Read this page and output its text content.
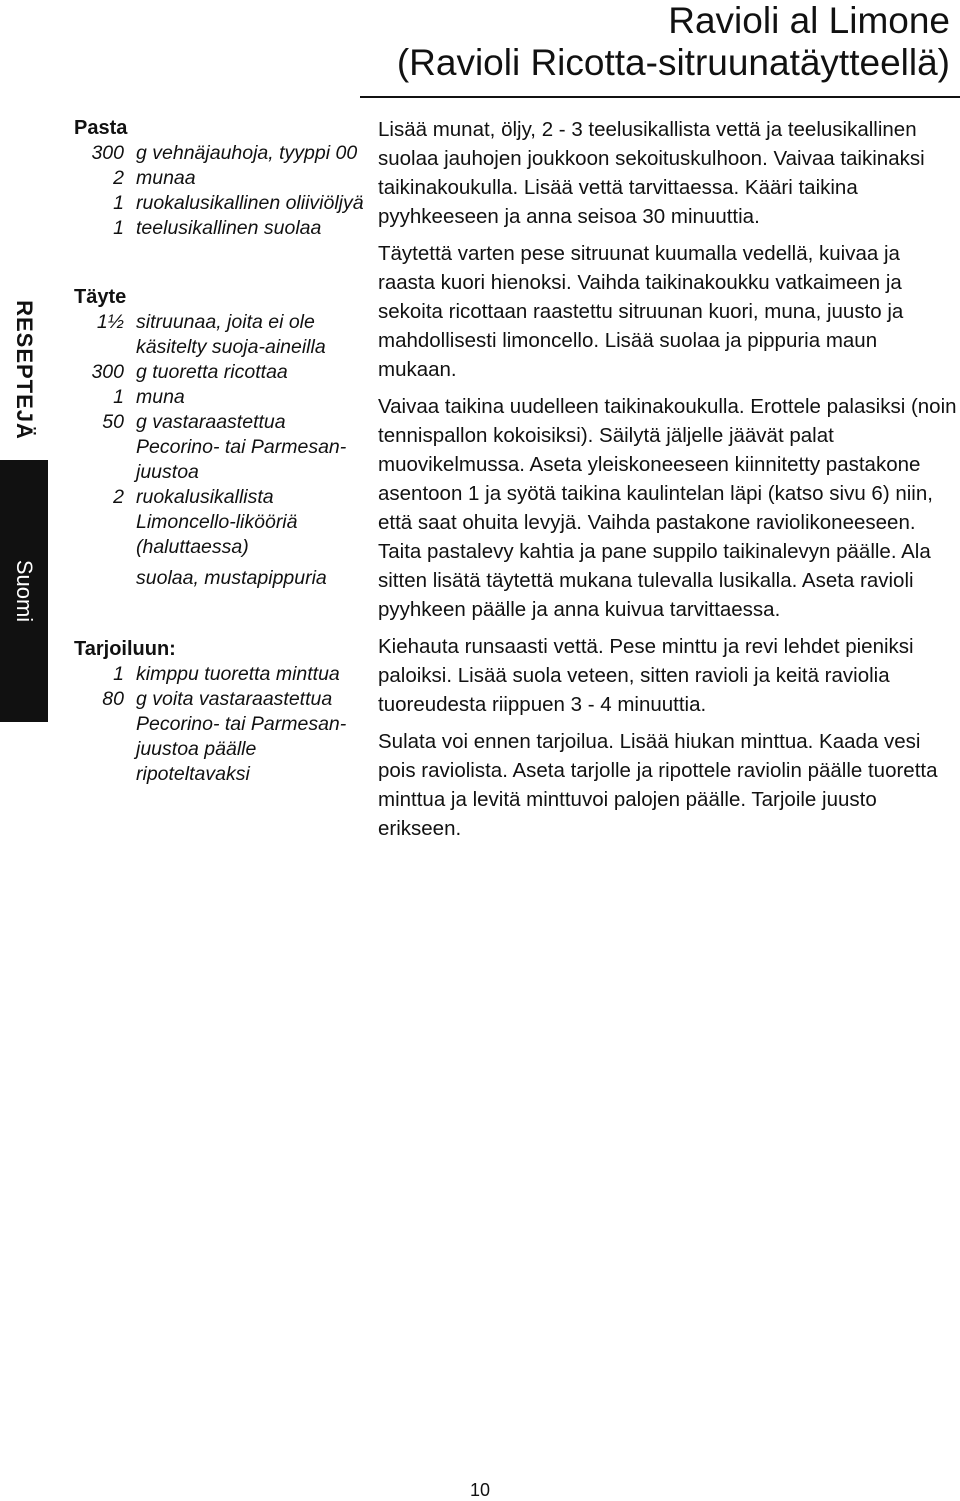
Ravioli al Limone
(Ravioli Ricotta-sitruunatäytteellä)
RESEPTEJÄ
Suomi
Pasta
300 g vehnäjauhoja, tyyppi 00
2 munaa
1 ruokalusikallinen oliiviöljyä
1 teelusikallinen suolaa
Täyte
1½ sitruunaa, joita ei ole käsitelty suoja-aineilla
300 g tuoretta ricottaa
1 muna
50 g vastaraastettua Pecorino- tai Parmesan-juustoa
2 ruokalusikallista Limoncello-likööriä (haluttaessa)
suolaa, mustapippuria
Tarjoiluun:
1 kimppu tuoretta minttua
80 g voita vastaraastettua Pecorino- tai Parmesan-juustoa päälle ripoteltavaksi

Lisää munat, öljy, 2 - 3 teelusikallista vettä ja teelusikallinen suolaa jauhojen joukkoon sekoituskulhoon. Vaivaa taikinaksi taikinakoukulla. Lisää vettä tarvittaessa. Kääri taikina pyyhkeeseen ja anna seisoa 30 minuuttia.

Täytettä varten pese sitruunat kuumalla vedellä, kuivaa ja raasta kuori hienoksi. Vaihda taikinakoukku vatkaimeen ja sekoita ricottaan raastettu sitruunan kuori, muna, juusto ja mahdollisesti limoncello. Lisää suolaa ja pippuria maun mukaan.

Vaivaa taikina uudelleen taikinakoukulla. Erottele palasiksi (noin tennispallon kokoisiksi). Säilytä jäljelle jäävät palat muovikelmussa. Aseta yleiskoneeseen kiinnitetty pastakone asentoon 1 ja syötä taikina kaulintelan läpi (katso sivu 6) niin, että saat ohuita levyjä. Vaihda pastakone raviolikoneeseen. Taita pastalevy kahtia ja pane suppilo taikinalevyn päälle. Ala sitten lisätä täytettä mukana tulevalla lusikalla. Aseta ravioli pyyhkeen päälle ja anna kuivua tarvittaessa.

Kiehauta runsaasti vettä. Pese minttu ja revi lehdet pieniksi paloiksi. Lisää suola veteen, sitten ravioli ja keitä raviolia tuoreudesta riippuen 3 - 4 minuuttia.

Sulata voi ennen tarjoilua. Lisää hiukan minttua. Kaada vesi pois raviolista. Aseta tarjolle ja ripottele raviolin päälle tuoretta minttua ja levitä minttuvoi palojen päälle. Tarjoile juusto erikseen.

10
